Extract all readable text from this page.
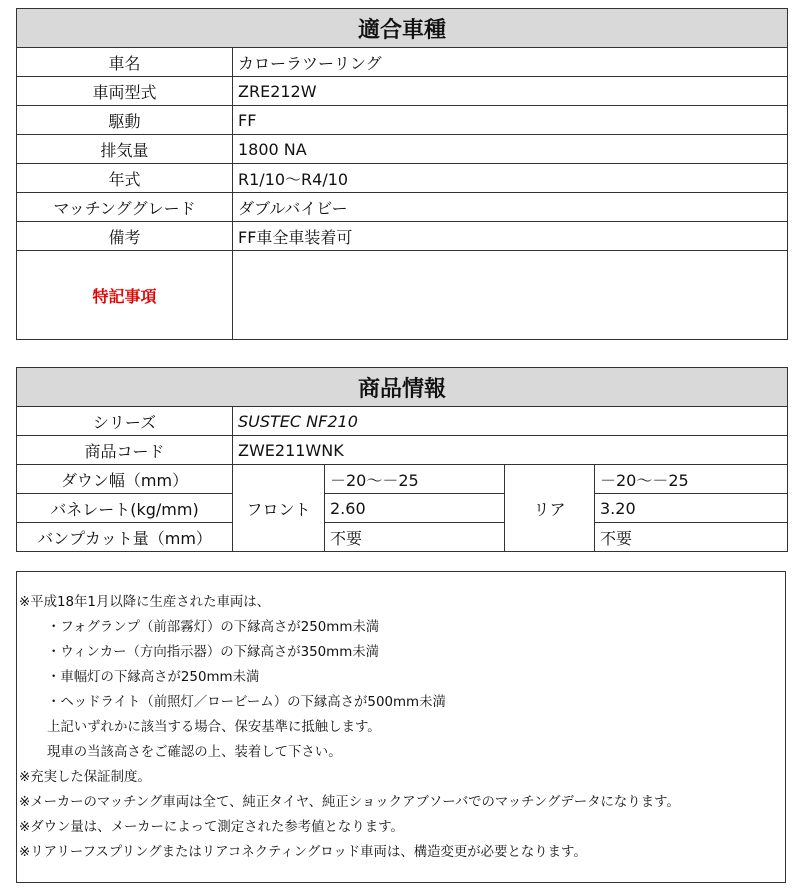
適合車種	
車名	カローラツーリング
車両型式	ZRE212W
駆動	FF
排気量	1800 NA
年式	R1/10〜R4/10
マッチンググレード	ダブルバイビー
備考	FF車全車装着可
特記事項	
商品情報				
シリーズ	SUSTEC NF210			
商品コード	ZWE211WNK			
ダウン幅（mm）	フロント	－20〜－25	リア	－20〜－25
バネレート(kg/mm)		2.60		3.20
バンプカット量（mm）		不要		不要
※平成18年1月以降に生産された車両は、
・フォグランプ（前部霧灯）の下縁高さが250mm未満
・ウィンカー（方向指示器）の下縁高さが350mm未満
・車幅灯の下縁高さが250mm未満
・ヘッドライト（前照灯／ロービーム）の下縁高さが500mm未満
上記いずれかに該当する場合、保安基準に抵触します。
現車の当該高さをご確認の上、装着して下さい。
※充実した保証制度。
※メーカーのマッチング車両は全て、純正タイヤ、純正ショックアブソーバでのマッチングデータになります。
※ダウン量は、メーカーによって測定された参考値となります。
※リアリーフスプリングまたはリアコネクティングロッド車両は、構造変更が必要となります。
